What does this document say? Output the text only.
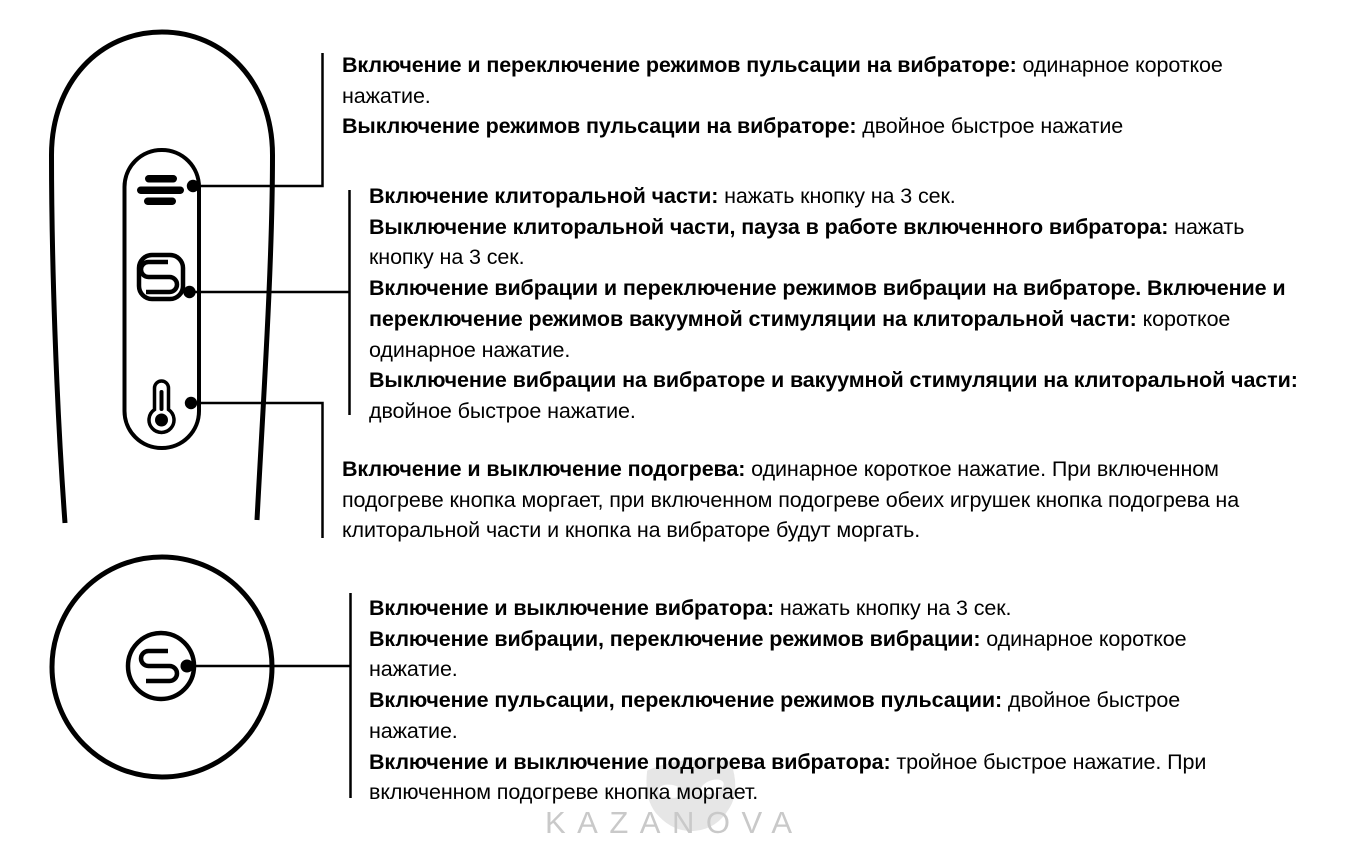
KAZANOVA
Включение и переключение режимов пульсации на вибраторе: одинарное короткое нажатие.
Выключение режимов пульсации на вибраторе: двойное быстрое нажатие
Включение клиторальной части: нажать кнопку на 3 сек.
Выключение клиторальной части, пауза в работе включенного вибратора: нажать кнопку на 3 сек.
Включение вибрации и переключение режимов вибрации на вибраторе. Включение и переключение режимов вакуумной стимуляции на клиторальной части: короткое одинарное нажатие.
Выключение вибрации на вибраторе и вакуумной стимуляции на клиторальной части: двойное быстрое нажатие.
Включение и выключение подогрева: одинарное короткое нажатие. При включенном подогреве кнопка моргает, при включенном подогреве обеих игрушек кнопка подогрева на клиторальной части и кнопка на вибраторе будут моргать.
Включение и выключение вибратора: нажать кнопку на 3 сек.
Включение вибрации, переключение режимов вибрации: одинарное короткое нажатие.
Включение пульсации, переключение режимов пульсации: двойное быстрое нажатие.
Включение и выключение подогрева вибратора: тройное быстрое нажатие. При включенном подогреве кнопка моргает.
